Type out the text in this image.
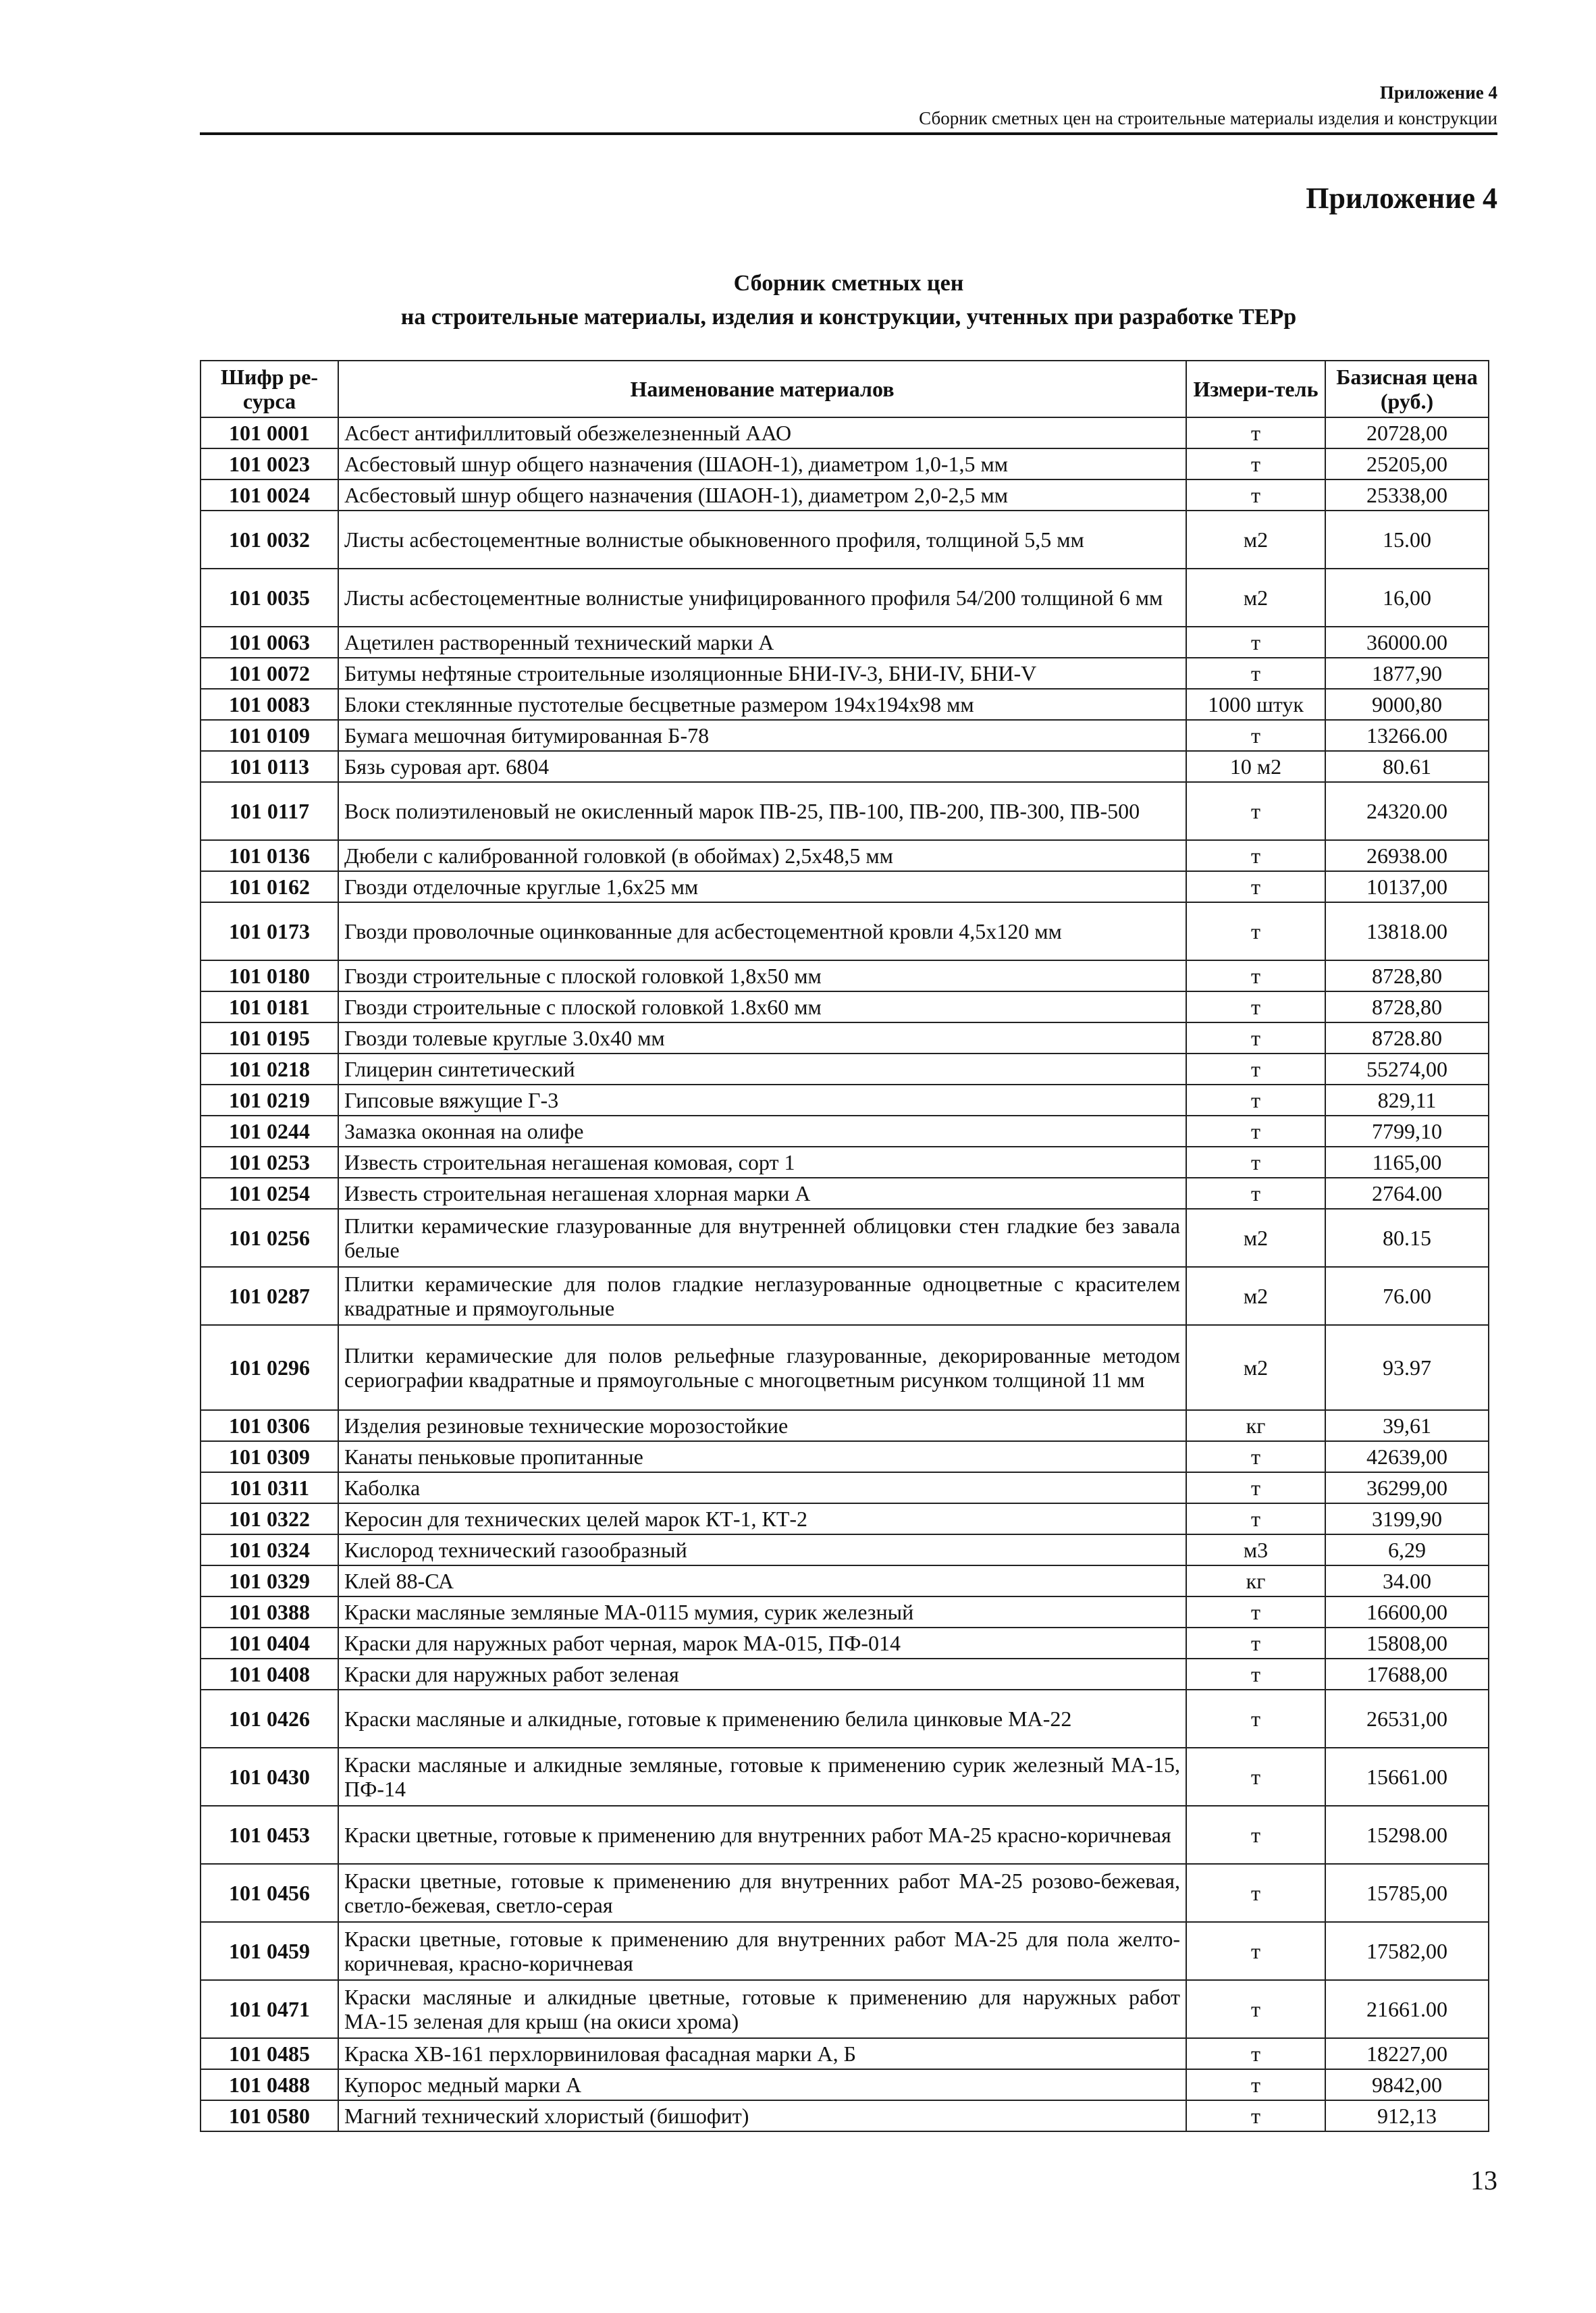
Приложение 4
Сборник сметных цен на строительные материалы изделия и конструкции
Приложение 4
Сборник сметных цен
на строительные материалы, изделия и конструкции, учтенных при разработке ТЕРр
Шифр ре-сурса	Наименование материалов	Измери-тель	Базисная цена (руб.)
101 0001	Асбест антифиллитовый обезжелезненный ААО	т	20728,00
101 0023	Асбестовый шнур общего назначения (ШАОН-1), диаметром 1,0-1,5 мм	т	25205,00
101 0024	Асбестовый шнур общего назначения (ШАОН-1), диаметром 2,0-2,5 мм	т	25338,00
101 0032	Листы асбестоцементные волнистые обыкновенного профиля, толщиной 5,5 мм	м2	15.00
101 0035	Листы асбестоцементные волнистые унифицированного профиля 54/200 толщиной 6 мм	м2	16,00
101 0063	Ацетилен растворенный технический марки А	т	36000.00
101 0072	Битумы нефтяные строительные изоляционные БНИ-IV-3, БНИ-IV, БНИ-V	т	1877,90
101 0083	Блоки стеклянные пустотелые бесцветные размером 194х194х98 мм	1000 штук	9000,80
101 0109	Бумага мешочная битумированная Б-78	т	13266.00
101 0113	Бязь суровая арт. 6804	10 м2	80.61
101 0117	Воск полиэтиленовый не окисленный марок ПВ-25, ПВ-100, ПВ-200, ПВ-300, ПВ-500	т	24320.00
101 0136	Дюбели с калиброванной головкой (в обоймах) 2,5х48,5 мм	т	26938.00
101 0162	Гвозди отделочные круглые 1,6х25 мм	т	10137,00
101 0173	Гвозди проволочные оцинкованные для асбестоцементной кровли 4,5х120 мм	т	13818.00
101 0180	Гвозди строительные с плоской головкой 1,8х50 мм	т	8728,80
101 0181	Гвозди строительные с плоской головкой 1.8х60 мм	т	8728,80
101 0195	Гвозди толевые круглые 3.0х40 мм	т	8728.80
101 0218	Глицерин синтетический	т	55274,00
101 0219	Гипсовые вяжущие Г-3	т	829,11
101 0244	Замазка оконная на олифе	т	7799,10
101 0253	Известь строительная негашеная комовая, сорт 1	т	1165,00
101 0254	Известь строительная негашеная хлорная марки А	т	2764.00
101 0256	Плитки керамические глазурованные для внутренней облицовки стен гладкие без завала белые	м2	80.15
101 0287	Плитки керамические для полов гладкие неглазурованные одноцветные с красителем квадратные и прямоугольные	м2	76.00
101 0296	Плитки керамические для полов рельефные глазурованные, декорированные методом сериографии квадратные и прямоугольные с многоцветным рисунком толщиной 11 мм	м2	93.97
101 0306	Изделия резиновые технические морозостойкие	кг	39,61
101 0309	Канаты пеньковые пропитанные	т	42639,00
101 0311	Каболка	т	36299,00
101 0322	Керосин для технических целей марок КТ-1, КТ-2	т	3199,90
101 0324	Кислород технический газообразный	м3	6,29
101 0329	Клей 88-СА	кг	34.00
101 0388	Краски масляные земляные МА-0115 мумия, сурик железный	т	16600,00
101 0404	Краски для наружных работ черная, марок МА-015, ПФ-014	т	15808,00
101 0408	Краски для наружных работ зеленая	т	17688,00
101 0426	Краски масляные и алкидные, готовые к применению белила цинковые МА-22	т	26531,00
101 0430	Краски масляные и алкидные земляные, готовые к применению сурик железный МА-15, ПФ-14	т	15661.00
101 0453	Краски цветные, готовые к применению для внутренних работ МА-25 красно-коричневая	т	15298.00
101 0456	Краски цветные, готовые к применению для внутренних работ МА-25 розово-бежевая, светло-бежевая, светло-серая	т	15785,00
101 0459	Краски цветные, готовые к применению для внутренних работ МА-25 для пола желто-коричневая, красно-коричневая	т	17582,00
101 0471	Краски масляные и алкидные цветные, готовые к применению для наружных работ МА-15 зеленая для крыш (на окиси хрома)	т	21661.00
101 0485	Краска ХВ-161 перхлорвиниловая фасадная марки А, Б	т	18227,00
101 0488	Купорос медный марки А	т	9842,00
101 0580	Магний технический хлористый (бишофит)	т	912,13
13
